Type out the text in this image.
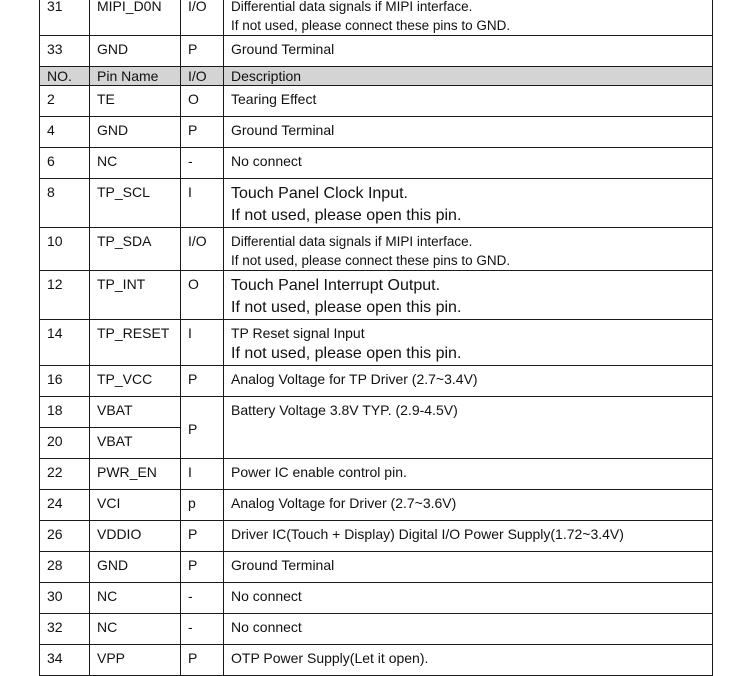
31	MIPI_D0N	I/O	Differential data signals if MIPI interface.
If not used, please connect these pins to GND.

33	GND	P	Ground Terminal
NO.	Pin Name	I/O	Description
2	TE	O	Tearing Effect
4	GND	P	Ground Terminal
6	NC	-	No connect
8	TP_SCL	I	Touch Panel Clock Input.
If not used, please open this pin.

10	TP_SDA	I/O	Differential data signals if MIPI interface.
If not used, please connect these pins to GND.

12	TP_INT	O	Touch Panel Interrupt Output.
If not used, please open this pin.

14	TP_RESET	I	TP Reset signal Input
If not used, please open this pin.

16	TP_VCC	P	Analog Voltage for TP Driver (2.7~3.4V)
18	VBAT	P	Battery Voltage 3.8V TYP. (2.9-4.5V)
20	VBAT		
22	PWR_EN	I	Power IC enable control pin.
24	VCI	p	Analog Voltage for Driver (2.7~3.6V)
26	VDDIO	P	Driver IC(Touch + Display) Digital I/O Power Supply(1.72~3.4V)
28	GND	P	Ground Terminal
30	NC	-	No connect
32	NC	-	No connect
34	VPP	P	OTP Power Supply(Let it open).
